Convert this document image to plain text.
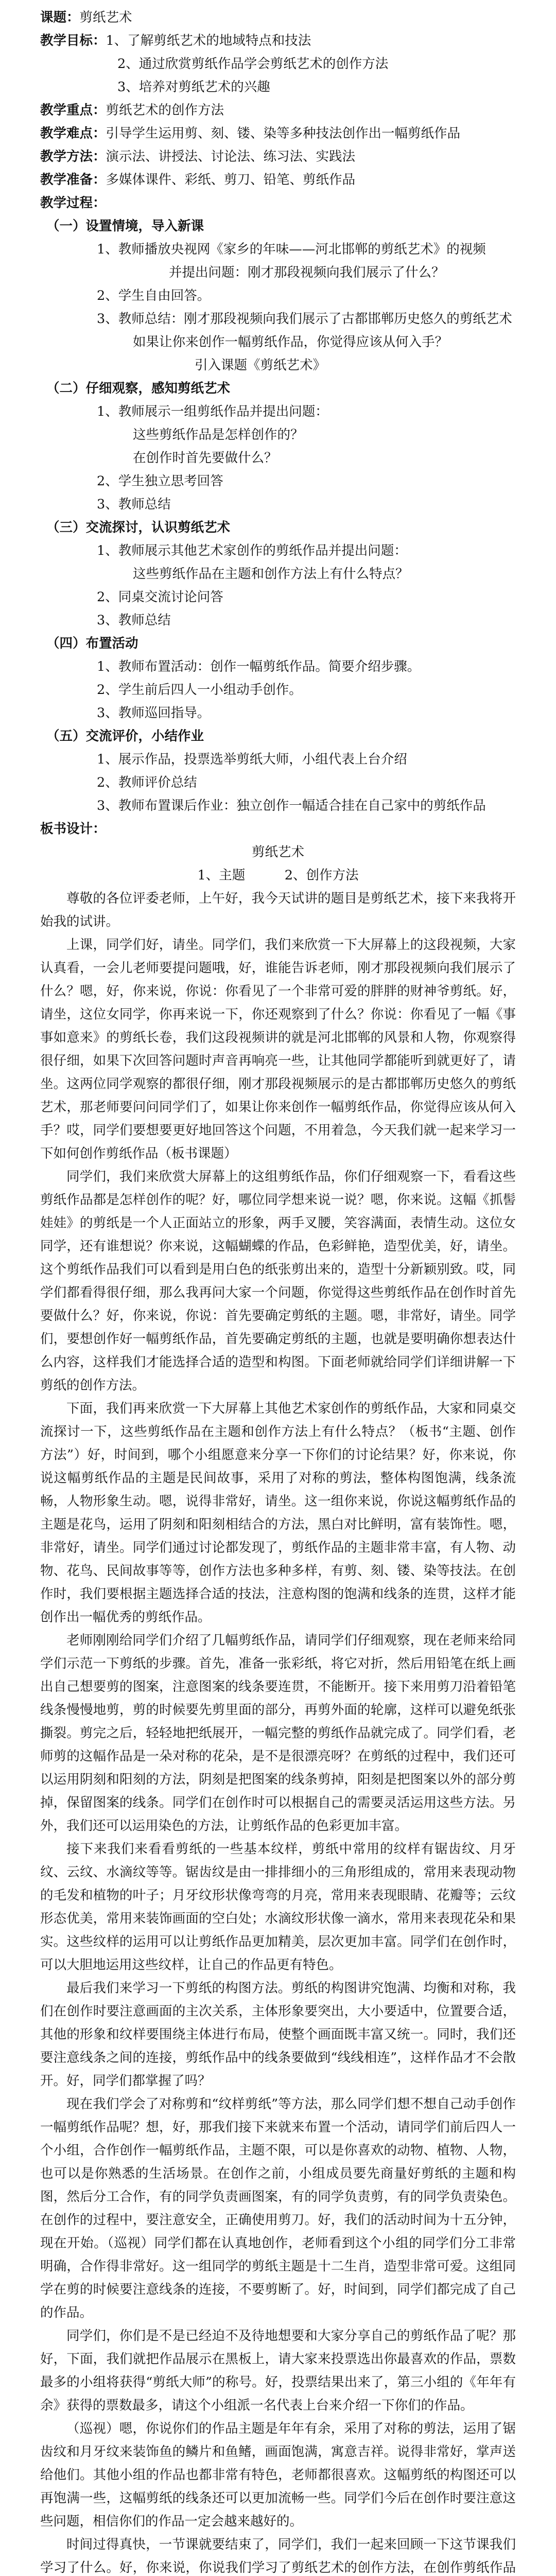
课题： 剪纸艺术
教学目标： 1、了解剪纸艺术的地域特点和技法
2、通过欣赏剪纸作品学会剪纸艺术的创作方法
3、培养对剪纸艺术的兴趣
教学重点： 剪纸艺术的创作方法
教学难点： 引导学生运用剪、刻、镂、染等多种技法创作出一幅剪纸作品
教学方法： 演示法、讲授法、讨论法、练习法、实践法
教学准备： 多媒体课件、彩纸、剪刀、铅笔、剪纸作品
教学过程：
（一）设置情境，导入新课
1、教师播放央视网《家乡的年味——河北邯郸的剪纸艺术》的视频
并提出问题：刚才那段视频向我们展示了什么？
2、学生自由回答。
3、教师总结：刚才那段视频向我们展示了古都邯郸历史悠久的剪纸艺术
如果让你来创作一幅剪纸作品，你觉得应该从何入手？
引入课题《剪纸艺术》
（二）仔细观察，感知剪纸艺术
1、教师展示一组剪纸作品并提出问题：
这些剪纸作品是怎样创作的？
在创作时首先要做什么？
2、学生独立思考回答
3、教师总结
（三）交流探讨，认识剪纸艺术
1、教师展示其他艺术家创作的剪纸作品并提出问题：
这些剪纸作品在主题和创作方法上有什么特点？
2、同桌交流讨论问答
3、教师总结
（四）布置活动
1、教师布置活动：创作一幅剪纸作品。简要介绍步骤。
2、学生前后四人一小组动手创作。
3、教师巡回指导。
（五）交流评价，小结作业
1、展示作品，投票选举剪纸大师，小组代表上台介绍
2、教师评价总结
3、教师布置课后作业：独立创作一幅适合挂在自己家中的剪纸作品
板书设计：
剪纸艺术
1、主题　　　2、创作方法
尊敬的各位评委老师，上午好，我今天试讲的题目是剪纸艺术，接下来我将开始我的试讲。
上课，同学们好，请坐。同学们，我们来欣赏一下大屏幕上的这段视频，大家认真看，一会儿老师要提问题哦，好，谁能告诉老师，刚才那段视频向我们展示了什么？嗯，好，你来说，你说：你看见了一个非常可爱的胖胖的财神爷剪纸。好，请坐，这位女同学，你再来说一下，你还观察到了什么？你说：你看见了一幅《事事如意来》的剪纸长卷，我们这段视频讲的就是河北邯郸的风景和人物，你观察得很仔细，如果下次回答问题时声音再响亮一些，让其他同学都能听到就更好了，请坐。这两位同学观察的都很仔细，刚才那段视频展示的是古都邯郸历史悠久的剪纸艺术，那老师要问问同学们了，如果让你来创作一幅剪纸作品，你觉得应该从何入手？哎，同学们要想要更好地回答这个问题，不用着急，今天我们就一起来学习一下如何创作剪纸作品（板书课题）
同学们，我们来欣赏大屏幕上的这组剪纸作品，你们仔细观察一下，看看这些剪纸作品都是怎样创作的呢？好，哪位同学想来说一说？嗯，你来说。这幅《抓髻娃娃》的剪纸是一个人正面站立的形象，两手叉腰，笑容满面，表情生动。这位女同学，还有谁想说？你来说，这幅蝴蝶的作品，色彩鲜艳，造型优美，好，请坐。这个剪纸作品我们可以看到是用白色的纸张剪出来的，造型十分新颖别致。哎，同学们都看得很仔细，那么我再问大家一个问题，你觉得这些剪纸作品在创作时首先要做什么？好，你来说，你说：首先要确定剪纸的主题。嗯，非常好，请坐。同学们，要想创作好一幅剪纸作品，首先要确定剪纸的主题，也就是要明确你想表达什么内容，这样我们才能选择合适的造型和构图。下面老师就给同学们详细讲解一下剪纸的创作方法。
下面，我们再来欣赏一下大屏幕上其他艺术家创作的剪纸作品，大家和同桌交流探讨一下，这些剪纸作品在主题和创作方法上有什么特点？（板书“主题、创作方法”）好，时间到，哪个小组愿意来分享一下你们的讨论结果？好，你来说，你说这幅剪纸作品的主题是民间故事，采用了对称的剪法，整体构图饱满，线条流畅，人物形象生动。嗯，说得非常好，请坐。这一组你来说，你说这幅剪纸作品的主题是花鸟，运用了阴刻和阳刻相结合的方法，黑白对比鲜明，富有装饰性。嗯，非常好，请坐。同学们通过讨论都发现了，剪纸作品的主题非常丰富，有人物、动物、花鸟、民间故事等等，创作方法也多种多样，有剪、刻、镂、染等技法。在创作时，我们要根据主题选择合适的技法，注意构图的饱满和线条的连贯，这样才能创作出一幅优秀的剪纸作品。
老师刚刚给同学们介绍了几幅剪纸作品，请同学们仔细观察，现在老师来给同学们示范一下剪纸的步骤。首先，准备一张彩纸，将它对折，然后用铅笔在纸上画出自己想要剪的图案，注意图案的线条要连贯，不能断开。接下来用剪刀沿着铅笔线条慢慢地剪，剪的时候要先剪里面的部分，再剪外面的轮廓，这样可以避免纸张撕裂。剪完之后，轻轻地把纸展开，一幅完整的剪纸作品就完成了。同学们看，老师剪的这幅作品是一朵对称的花朵，是不是很漂亮呀？在剪纸的过程中，我们还可以运用阴刻和阳刻的方法，阴刻是把图案的线条剪掉，阳刻是把图案以外的部分剪掉，保留图案的线条。同学们在创作时可以根据自己的需要灵活运用这些方法。另外，我们还可以运用染色的方法，让剪纸作品的色彩更加丰富。
接下来我们来看看剪纸的一些基本纹样，剪纸中常用的纹样有锯齿纹、月牙纹、云纹、水滴纹等等。锯齿纹是由一排排细小的三角形组成的，常用来表现动物的毛发和植物的叶子；月牙纹形状像弯弯的月亮，常用来表现眼睛、花瓣等；云纹形态优美，常用来装饰画面的空白处；水滴纹形状像一滴水，常用来表现花朵和果实。这些纹样的运用可以让剪纸作品更加精美，层次更加丰富。同学们在创作时，可以大胆地运用这些纹样，让自己的作品更有特色。
最后我们来学习一下剪纸的构图方法。剪纸的构图讲究饱满、均衡和对称，我们在创作时要注意画面的主次关系，主体形象要突出，大小要适中，位置要合适，其他的形象和纹样要围绕主体进行布局，使整个画面既丰富又统一。同时，我们还要注意线条之间的连接，剪纸作品中的线条要做到“线线相连”，这样作品才不会散开。好，同学们都掌握了吗？
现在我们学会了对称剪和“纹样剪纸”等方法，那么同学们想不想自己动手创作一幅剪纸作品呢？想，好，那我们接下来就来布置一个活动，请同学们前后四人一个小组，合作创作一幅剪纸作品，主题不限，可以是你喜欢的动物、植物、人物，也可以是你熟悉的生活场景。在创作之前，小组成员要先商量好剪纸的主题和构图，然后分工合作，有的同学负责画图案，有的同学负责剪，有的同学负责染色。在创作的过程中，要注意安全，正确使用剪刀。好，我们的活动时间为十五分钟，现在开始。（巡视）同学们都在认真地创作，老师看到这个小组的同学们分工非常明确，合作得非常好。这一组同学的剪纸主题是十二生肖，造型非常可爱。这组同学在剪的时候要注意线条的连接，不要剪断了。好，时间到，同学们都完成了自己的作品。
同学们，你们是不是已经迫不及待地想要和大家分享自己的剪纸作品了呢？那好，下面，我们就把作品展示在黑板上，请大家来投票选出你最喜欢的作品，票数最多的小组将获得“剪纸大师”的称号。好，投票结果出来了，第三小组的《年年有余》获得的票数最多，请这个小组派一名代表上台来介绍一下你们的作品。
（巡视）嗯，你说你们的作品主题是年年有余，采用了对称的剪法，运用了锯齿纹和月牙纹来装饰鱼的鳞片和鱼鳍，画面饱满，寓意吉祥。说得非常好，掌声送给他们。其他小组的作品也都非常有特色，老师都很喜欢。这幅剪纸的构图还可以再饱满一些，这幅剪纸的线条还可以更加流畅一些。同学们今后在创作时要注意这些问题，相信你们的作品一定会越来越好的。
时间过得真快，一节课就要结束了，同学们，我们一起来回顾一下这节课我们学习了什么。好，你来说，你说我们学习了剪纸艺术的创作方法，在创作剪纸作品
